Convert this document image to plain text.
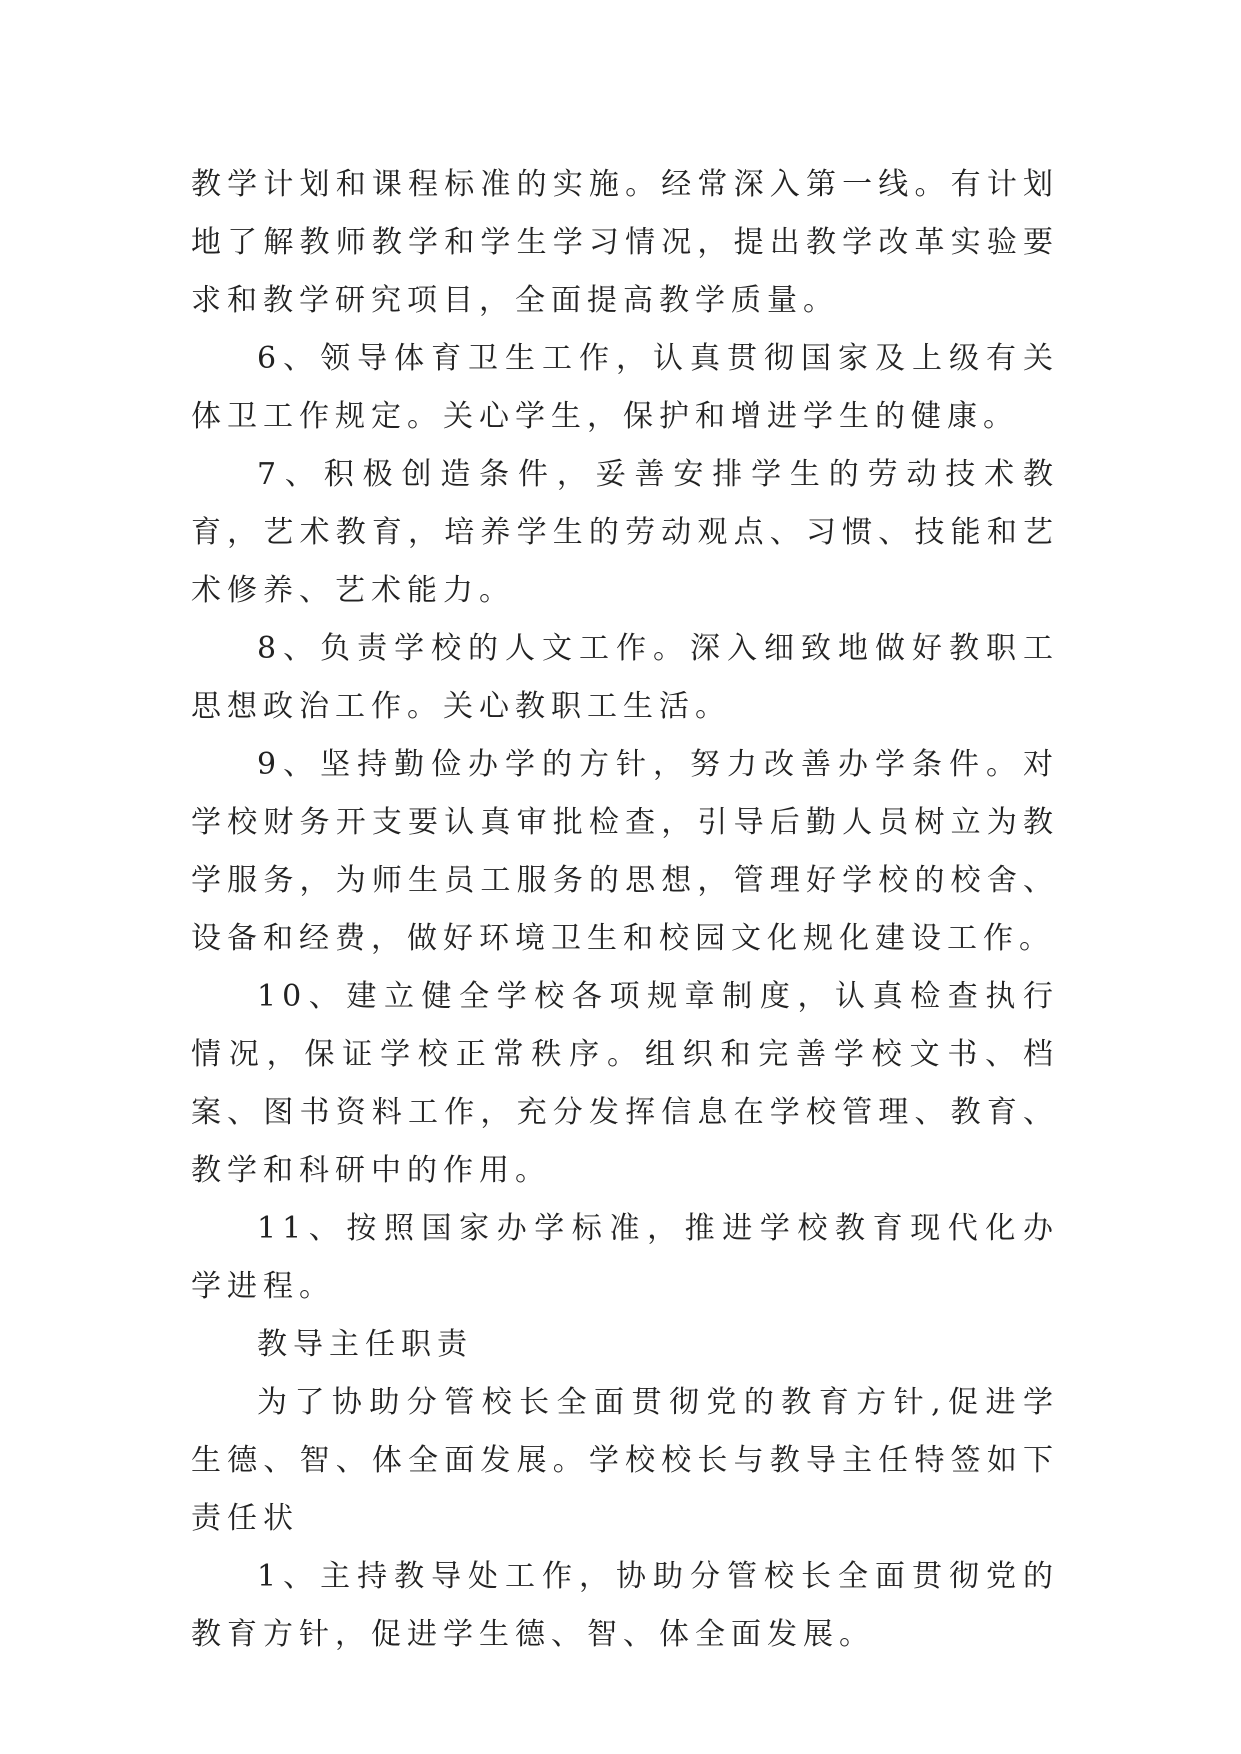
教学计划和课程标准的实施。经常深入第一线。有计划地了解教师教学和学生学习情况，提出教学改革实验要求和教学研究项目，全面提高教学质量。

6、领导体育卫生工作，认真贯彻国家及上级有关体卫工作规定。关心学生，保护和增进学生的健康。

7、积极创造条件，妥善安排学生的劳动技术教育，艺术教育，培养学生的劳动观点、习惯、技能和艺术修养、艺术能力。

8、负责学校的人文工作。深入细致地做好教职工思想政治工作。关心教职工生活。

9、坚持勤俭办学的方针，努力改善办学条件。对学校财务开支要认真审批检查，引导后勤人员树立为教学服务，为师生员工服务的思想，管理好学校的校舍、设备和经费，做好环境卫生和校园文化规化建设工作。

10、建立健全学校各项规章制度，认真检查执行情况，保证学校正常秩序。组织和完善学校文书、档案、图书资料工作，充分发挥信息在学校管理、教育、教学和科研中的作用。

11、按照国家办学标准，推进学校教育现代化办学进程。

教导主任职责

为了协助分管校长全面贯彻党的教育方针,促进学生德、智、体全面发展。学校校长与教导主任特签如下责任状

1、主持教导处工作，协助分管校长全面贯彻党的教育方针，促进学生德、智、体全面发展。
